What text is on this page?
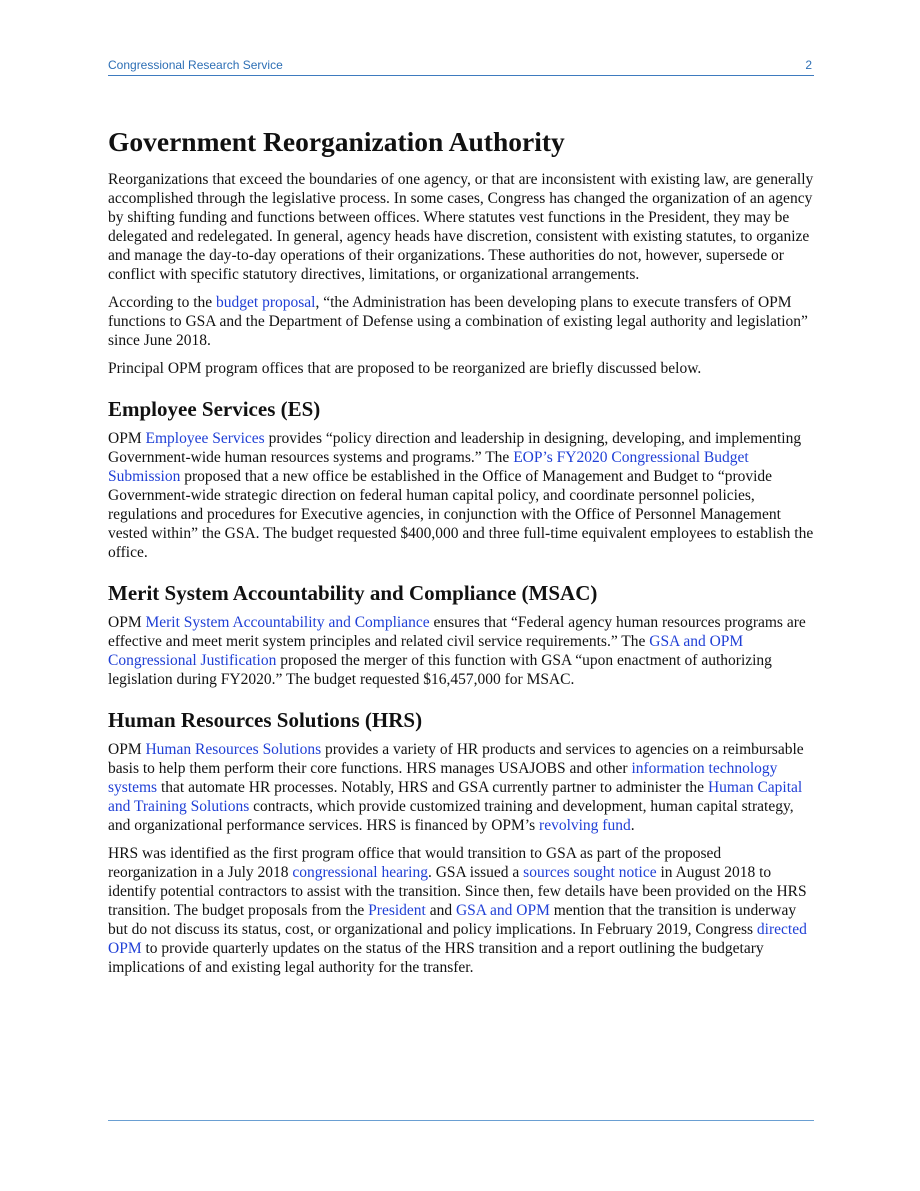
Congressional Research Service	2
Government Reorganization Authority

Reorganizations that exceed the boundaries of one agency, or that are inconsistent with existing law, are generally accomplished through the legislative process. In some cases, Congress has changed the organization of an agency by shifting funding and functions between offices. Where statutes vest functions in the President, they may be delegated and redelegated. In general, agency heads have discretion, consistent with existing statutes, to organize and manage the day-to-day operations of their organizations. These authorities do not, however, supersede or conflict with specific statutory directives, limitations, or organizational arrangements.

According to the budget proposal, “the Administration has been developing plans to execute transfers of OPM functions to GSA and the Department of Defense using a combination of existing legal authority and legislation” since June 2018.

Principal OPM program offices that are proposed to be reorganized are briefly discussed below.

Employee Services (ES)

OPM Employee Services provides “policy direction and leadership in designing, developing, and implementing Government-wide human resources systems and programs.” The EOP’s FY2020 Congressional Budget Submission proposed that a new office be established in the Office of Management and Budget to “provide Government-wide strategic direction on federal human capital policy, and coordinate personnel policies, regulations and procedures for Executive agencies, in conjunction with the Office of Personnel Management vested within” the GSA. The budget requested $400,000 and three full-time equivalent employees to establish the office.

Merit System Accountability and Compliance (MSAC)

OPM Merit System Accountability and Compliance ensures that “Federal agency human resources programs are effective and meet merit system principles and related civil service requirements.” The GSA and OPM Congressional Justification proposed the merger of this function with GSA “upon enactment of authorizing legislation during FY2020.” The budget requested $16,457,000 for MSAC.

Human Resources Solutions (HRS)

OPM Human Resources Solutions provides a variety of HR products and services to agencies on a reimbursable basis to help them perform their core functions. HRS manages USAJOBS and other information technology systems that automate HR processes. Notably, HRS and GSA currently partner to administer the Human Capital and Training Solutions contracts, which provide customized training and development, human capital strategy, and organizational performance services. HRS is financed by OPM’s revolving fund.

HRS was identified as the first program office that would transition to GSA as part of the proposed reorganization in a July 2018 congressional hearing. GSA issued a sources sought notice in August 2018 to identify potential contractors to assist with the transition. Since then, few details have been provided on the HRS transition. The budget proposals from the President and GSA and OPM mention that the transition is underway but do not discuss its status, cost, or organizational and policy implications. In February 2019, Congress directed OPM to provide quarterly updates on the status of the HRS transition and a report outlining the budgetary implications of and existing legal authority for the transfer.
